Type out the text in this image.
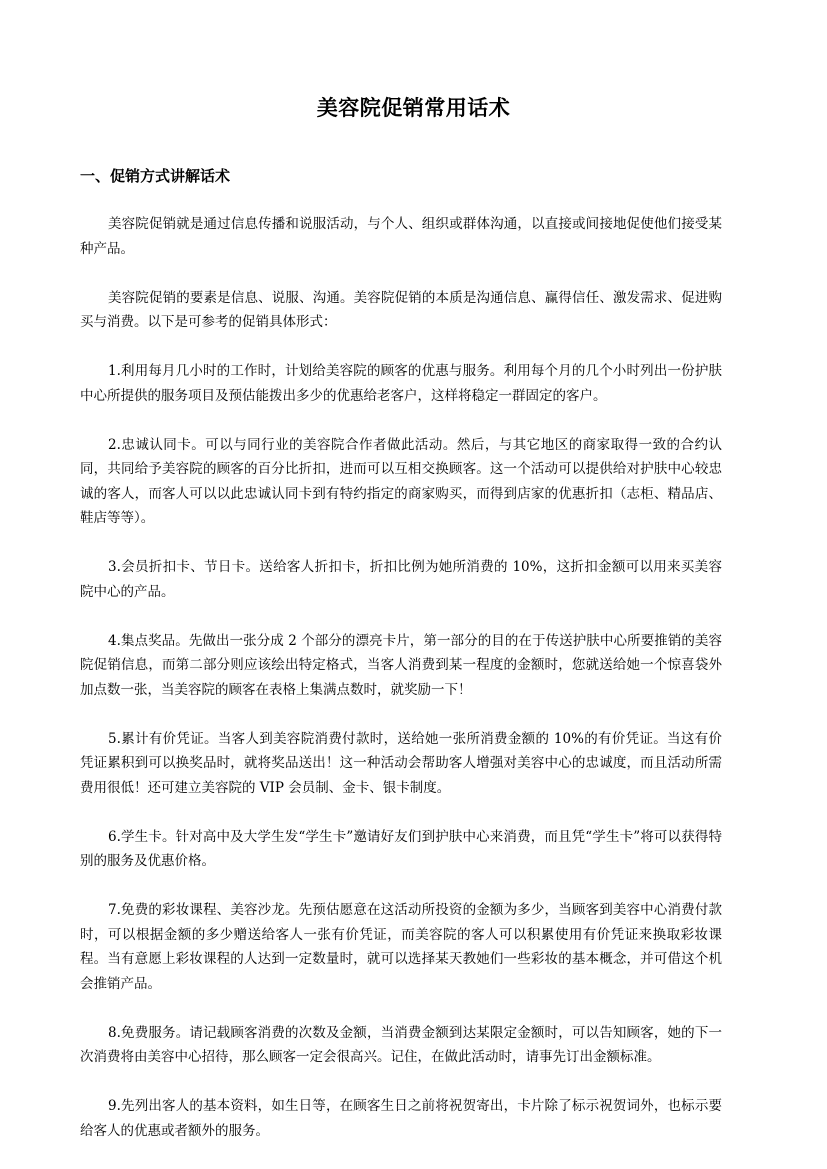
美容院促销常用话术
一、促销方式讲解话术

美容院促销就是通过信息传播和说服活动，与个人、组织或群体沟通，以直接或间接地促使他们接受某种产品。

美容院促销的要素是信息、说服、沟通。美容院促销的本质是沟通信息、赢得信任、激发需求、促进购买与消费。以下是可参考的促销具体形式：

1.利用每月几小时的工作时，计划给美容院的顾客的优惠与服务。利用每个月的几个小时列出一份护肤中心所提供的服务项目及预估能拨出多少的优惠给老客户，这样将稳定一群固定的客户。

2.忠诚认同卡。可以与同行业的美容院合作者做此活动。然后，与其它地区的商家取得一致的合约认同，共同给予美容院的顾客的百分比折扣，进而可以互相交换顾客。这一个活动可以提供给对护肤中心较忠诚的客人，而客人可以以此忠诚认同卡到有特约指定的商家购买，而得到店家的优惠折扣（志柜、精品店、鞋店等等）。

3.会员折扣卡、节日卡。送给客人折扣卡，折扣比例为她所消费的 10%，这折扣金额可以用来买美容院中心的产品。

4.集点奖品。先做出一张分成 2 个部分的漂亮卡片，第一部分的目的在于传送护肤中心所要推销的美容院促销信息，而第二部分则应该绘出特定格式，当客人消费到某一程度的金额时，您就送给她一个惊喜袋外加点数一张，当美容院的顾客在表格上集满点数时，就奖励一下！

5.累计有价凭证。当客人到美容院消费付款时，送给她一张所消费金额的 10%的有价凭证。当这有价凭证累积到可以换奖品时，就将奖品送出！这一种活动会帮助客人增强对美容中心的忠诚度，而且活动所需费用很低！还可建立美容院的 VIP 会员制、金卡、银卡制度。

6.学生卡。针对高中及大学生发“学生卡”邀请好友们到护肤中心来消费，而且凭“学生卡”将可以获得特别的服务及优惠价格。

7.免费的彩妆课程、美容沙龙。先预估愿意在这活动所投资的金额为多少，当顾客到美容中心消费付款时，可以根据金额的多少赠送给客人一张有价凭证，而美容院的客人可以积累使用有价凭证来换取彩妆课程。当有意愿上彩妆课程的人达到一定数量时，就可以选择某天教她们一些彩妆的基本概念，并可借这个机会推销产品。

8.免费服务。请记载顾客消费的次数及金额，当消费金额到达某限定金额时，可以告知顾客，她的下一次消费将由美容中心招待，那么顾客一定会很高兴。记住，在做此活动时，请事先订出金额标准。

9.先列出客人的基本资料，如生日等，在顾客生日之前将祝贺寄出，卡片除了标示祝贺词外，也标示要给客人的优惠或者额外的服务。
